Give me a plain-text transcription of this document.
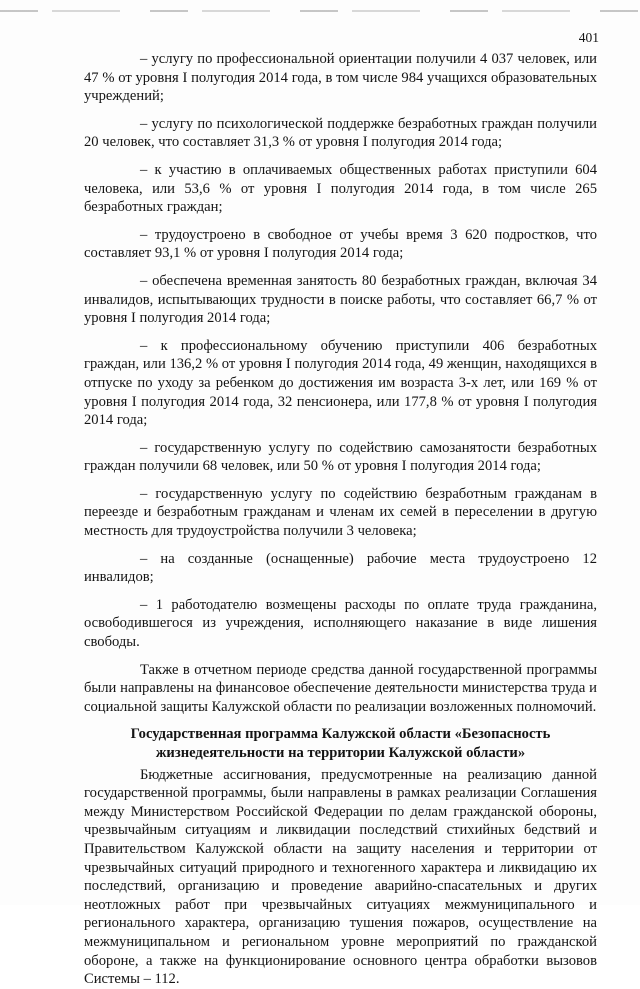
401

– услугу по профессиональной ориентации получили 4 037 человек, или 47 % от уровня I полугодия 2014 года, в том числе 984 учащихся образовательных учреждений;

– услугу по психологической поддержке безработных граждан получили 20 человек, что составляет 31,3 % от уровня I полугодия 2014 года;

– к участию в оплачиваемых общественных работах приступили 604 человека, или 53,6 % от уровня I полугодия 2014 года, в том числе 265 безработных граждан;

– трудоустроено в свободное от учебы время 3 620 подростков, что составляет 93,1 % от уровня I полугодия 2014 года;

– обеспечена временная занятость 80 безработных граждан, включая 34 инвалидов, испытывающих трудности в поиске работы, что составляет 66,7 % от уровня I полугодия 2014 года;

– к профессиональному обучению приступили 406 безработных граждан, или 136,2 % от уровня I полугодия 2014 года, 49 женщин, находящихся в отпуске по уходу за ребенком до достижения им возраста 3-х лет, или 169 % от уровня I полугодия 2014 года, 32 пенсионера, или 177,8 % от уровня I полугодия 2014 года;

– государственную услугу по содействию самозанятости безработных граждан получили 68 человек, или 50 % от уровня I полугодия 2014 года;

– государственную услугу по содействию безработным гражданам в переезде и безработным гражданам и членам их семей в переселении в другую местность для трудоустройства получили 3 человека;

– на созданные (оснащенные) рабочие места трудоустроено 12 инвалидов;

– 1 работодателю возмещены расходы по оплате труда гражданина, освободившегося из учреждения, исполняющего наказание в виде лишения свободы.

Также в отчетном периоде средства данной государственной программы были направлены на финансовое обеспечение деятельности министерства труда и социальной защиты Калужской области по реализации возложенных полномочий.

Государственная программа Калужской области «Безопасность жизнедеятельности на территории Калужской области»

Бюджетные ассигнования, предусмотренные на реализацию данной государственной программы, были направлены в рамках реализации Соглашения между Министерством Российской Федерации по делам гражданской обороны, чрезвычайным ситуациям и ликвидации последствий стихийных бедствий и Правительством Калужской области на защиту населения и территории от чрезвычайных ситуаций природного и техногенного характера и ликвидацию их последствий, организацию и проведение аварийно-спасательных и других неотложных работ при чрезвычайных ситуациях межмуниципального и регионального характера, организацию тушения пожаров, осуществление на межмуниципальном и региональном уровне мероприятий по гражданской обороне, а также на функционирование основного центра обработки вызовов Системы – 112.
